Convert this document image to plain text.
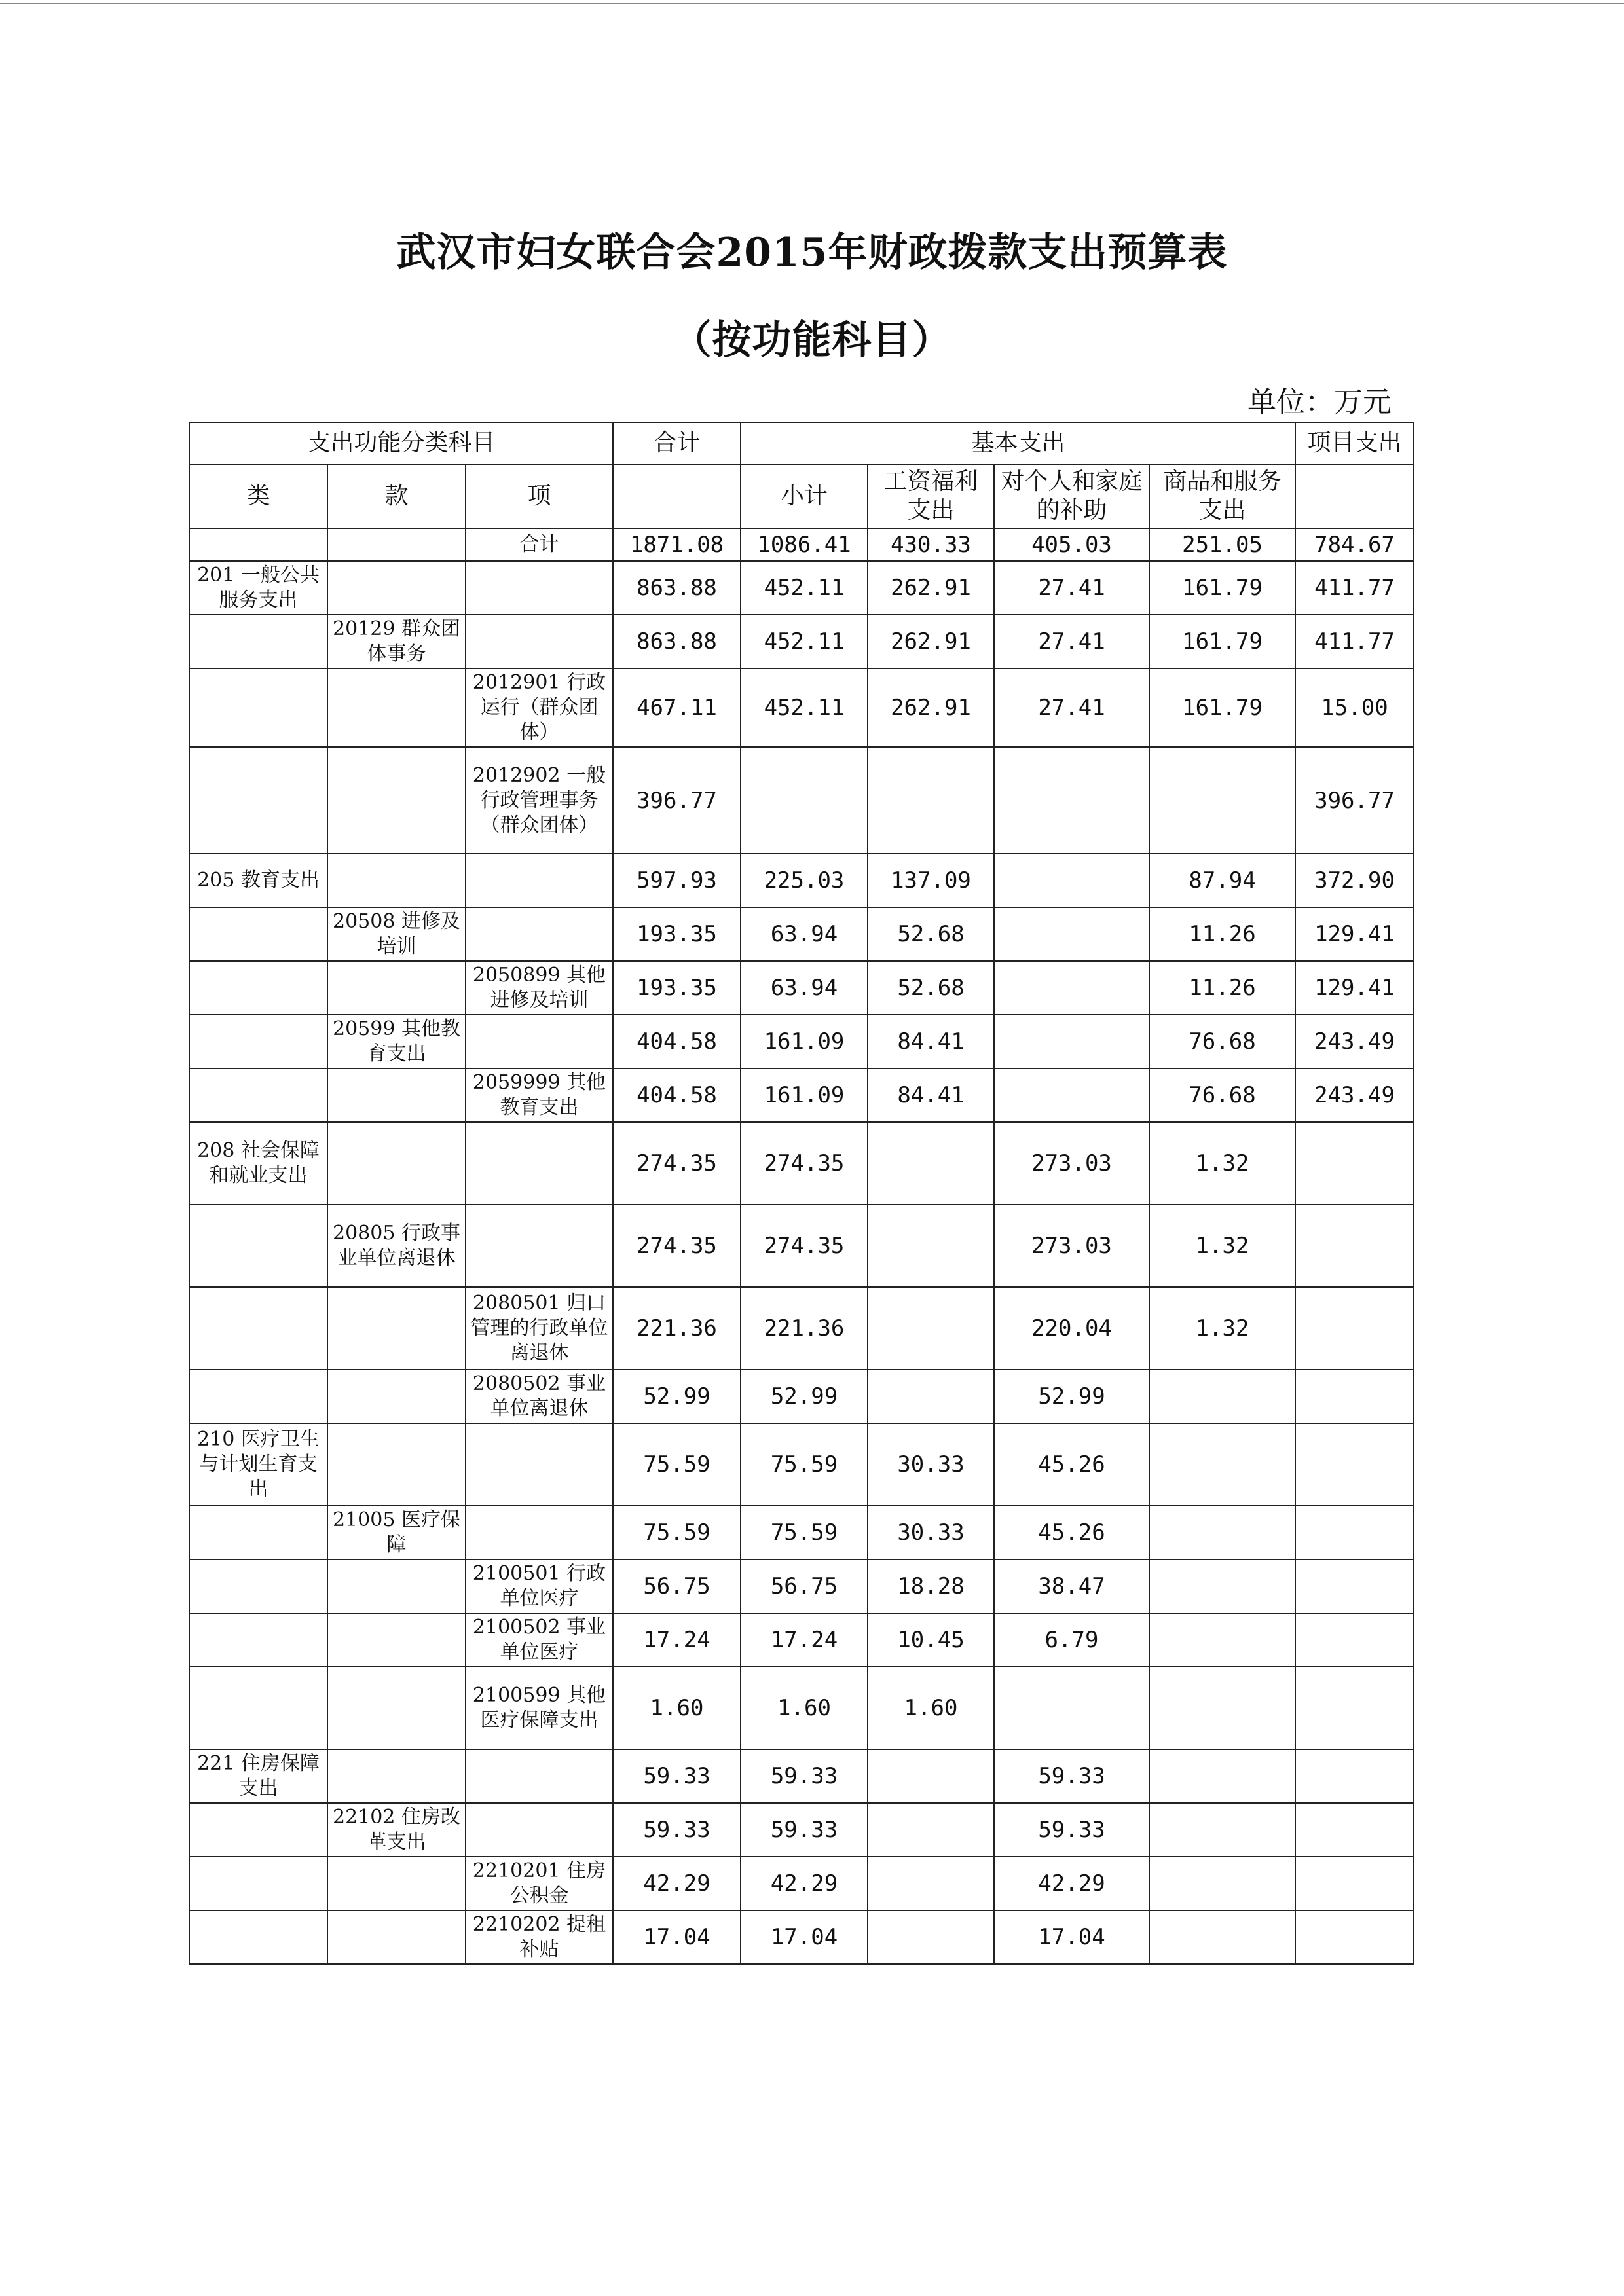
武汉市妇女联合会2015年财政拨款支出预算表
（按功能科目）
单位：万元
支出功能分类科目			合计	基本支出				项目支出
类	款	项		小计	工资福利支出	对个人和家庭的补助	商品和服务支出	
		合计	1871.08	1086.41	430.33	405.03	251.05	784.67
201 一般公共服务支出			863.88	452.11	262.91	27.41	161.79	411.77
	20129 群众团体事务		863.88	452.11	262.91	27.41	161.79	411.77
		2012901 行政运行（群众团体）	467.11	452.11	262.91	27.41	161.79	15.00
		2012902 一般行政管理事务（群众团体）	396.77					396.77
205 教育支出			597.93	225.03	137.09		87.94	372.90
	20508 进修及培训		193.35	63.94	52.68		11.26	129.41
		2050899 其他进修及培训	193.35	63.94	52.68		11.26	129.41
	20599 其他教育支出		404.58	161.09	84.41		76.68	243.49
		2059999 其他教育支出	404.58	161.09	84.41		76.68	243.49
208 社会保障和就业支出			274.35	274.35		273.03	1.32	
	20805 行政事业单位离退休		274.35	274.35		273.03	1.32	
		2080501 归口管理的行政单位离退休	221.36	221.36		220.04	1.32	
		2080502 事业单位离退休	52.99	52.99		52.99		
210 医疗卫生与计划生育支出			75.59	75.59	30.33	45.26		
	21005 医疗保障		75.59	75.59	30.33	45.26		
		2100501 行政单位医疗	56.75	56.75	18.28	38.47		
		2100502 事业单位医疗	17.24	17.24	10.45	6.79		
		2100599 其他医疗保障支出	1.60	1.60	1.60			
221 住房保障支出			59.33	59.33		59.33		
	22102 住房改革支出		59.33	59.33		59.33		
		2210201 住房公积金	42.29	42.29		42.29		
		2210202 提租补贴	17.04	17.04		17.04		
